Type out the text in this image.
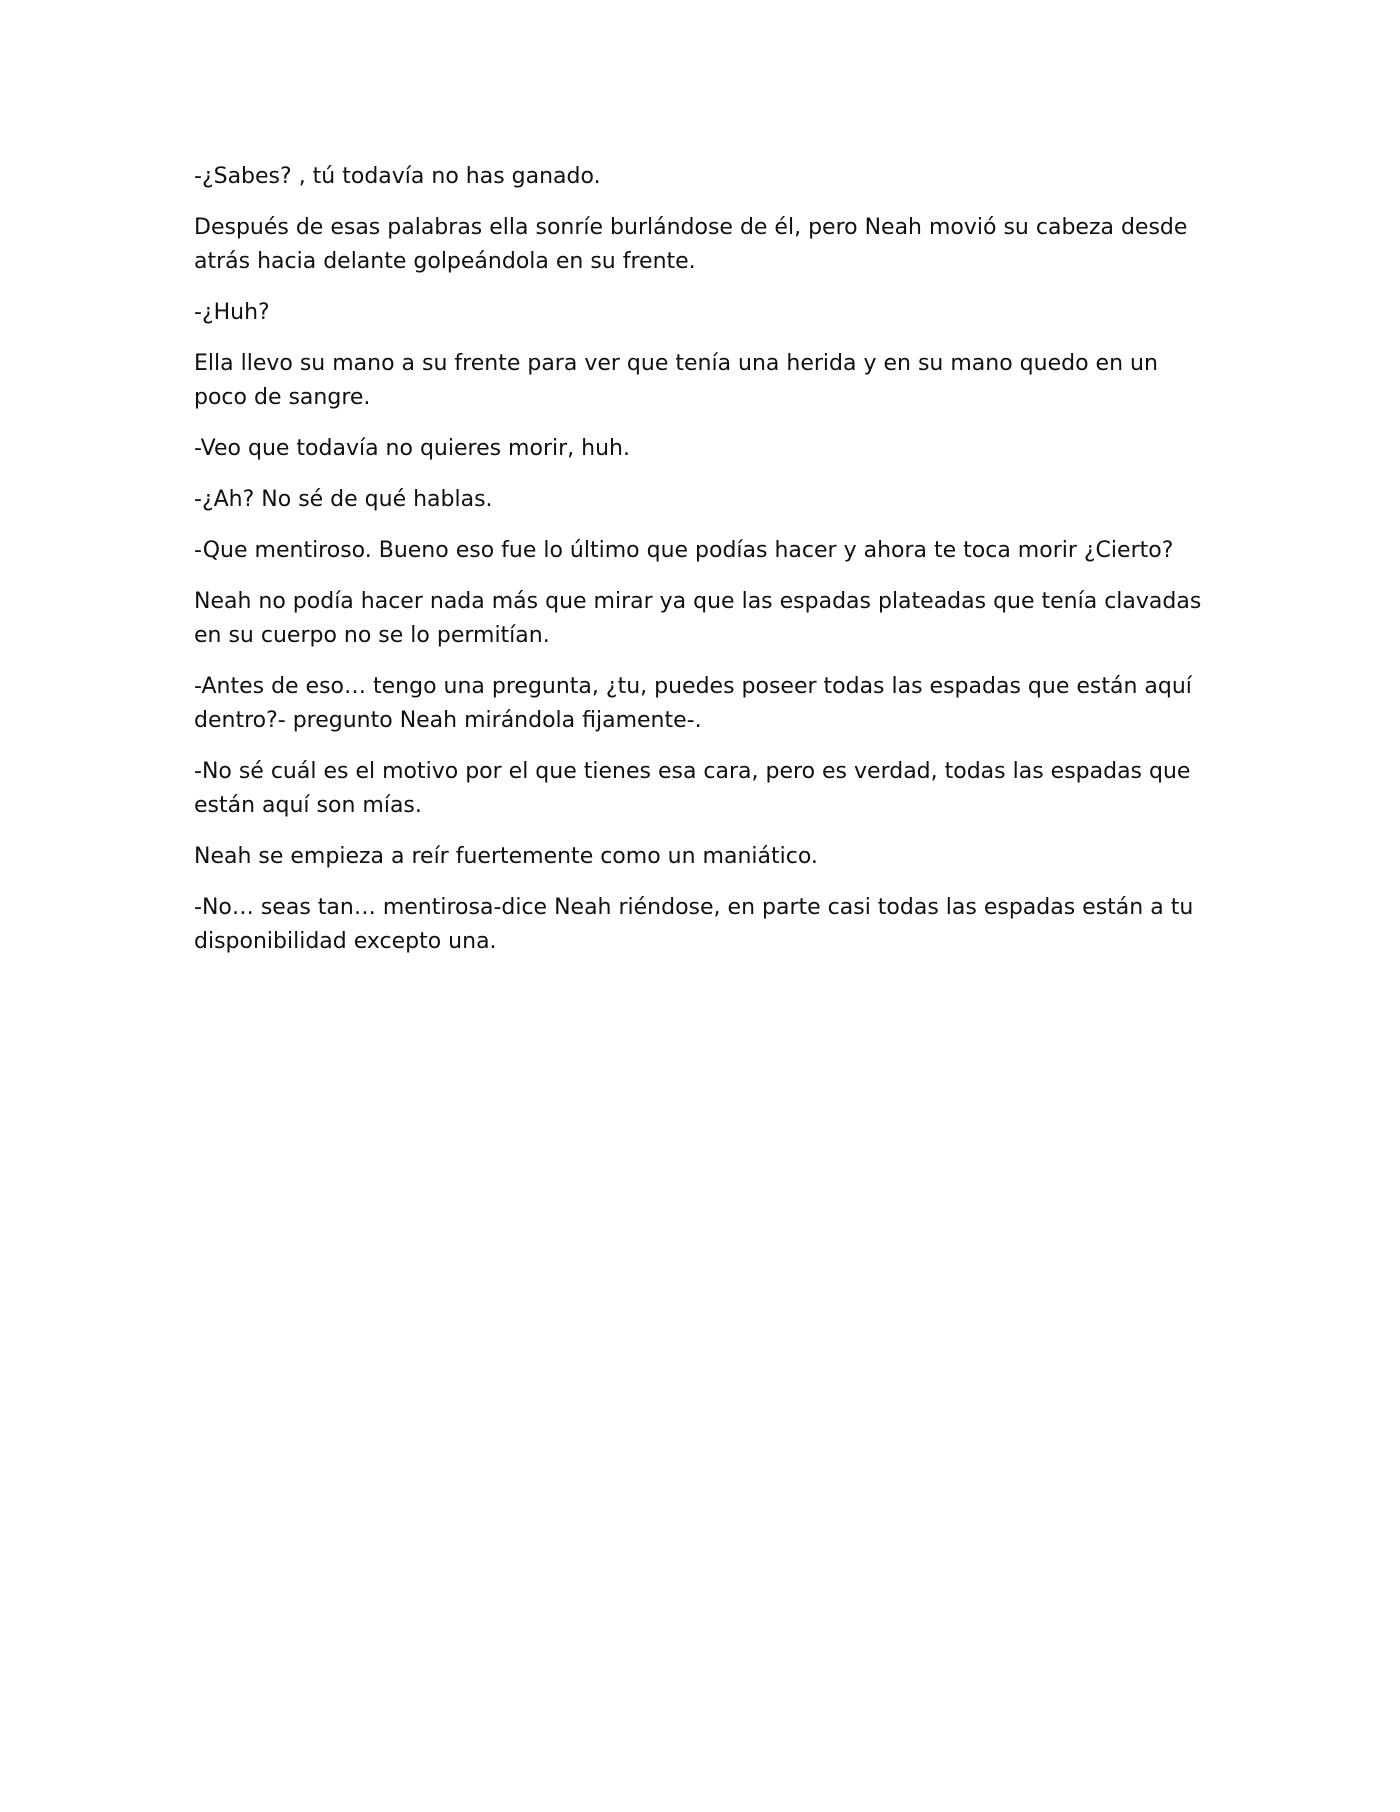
-¿Sabes? , tú todavía no has ganado.

Después de esas palabras ella sonríe burlándose de él, pero Neah movió su cabeza desde atrás hacia delante golpeándola en su frente.

-¿Huh?

Ella llevo su mano a su frente para ver que tenía una herida y en su mano quedo en un poco de sangre.

-Veo que todavía no quieres morir, huh.

-¿Ah? No sé de qué hablas.

-Que mentiroso. Bueno eso fue lo último que podías hacer y ahora te toca morir ¿Cierto?

Neah no podía hacer nada más que mirar ya que las espadas plateadas que tenía clavadas en su cuerpo no se lo permitían.

-Antes de eso… tengo una pregunta, ¿tu, puedes poseer todas las espadas que están aquí dentro?- pregunto Neah mirándola fijamente-.

-No sé cuál es el motivo por el que tienes esa cara, pero es verdad, todas las espadas que están aquí son mías.

Neah se empieza a reír fuertemente como un maniático.

-No… seas tan… mentirosa-dice Neah riéndose, en parte casi todas las espadas están a tu disponibilidad excepto una.
